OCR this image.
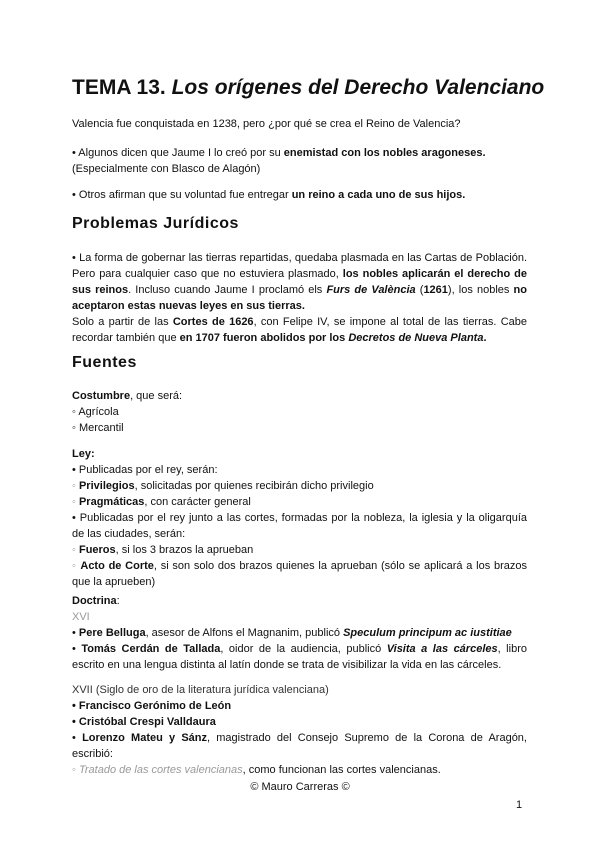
TEMA 13. Los orígenes del Derecho Valenciano

Valencia fue conquistada en 1238, pero ¿por qué se crea el Reino de Valencia?

• Algunos dicen que Jaume I lo creó por su enemistad con los nobles aragoneses.

(Especialmente con Blasco de Alagón)

• Otros afirman que su voluntad fue entregar un reino a cada uno de sus hijos.

Problemas Jurídicos

• La forma de gobernar las tierras repartidas, quedaba plasmada en las Cartas de Población. Pero para cualquier caso que no estuviera plasmado, los nobles aplicarán el derecho de sus reinos. Incluso cuando Jaume I proclamó els Furs de València (1261), los nobles no aceptaron estas nuevas leyes en sus tierras.

Solo a partir de las Cortes de 1626, con Felipe IV, se impone al total de las tierras. Cabe recordar también que en 1707 fueron abolidos por los Decretos de Nueva Planta.

Fuentes

Costumbre, que será:

◦ Agrícola

◦ Mercantil

Ley:

• Publicadas por el rey, serán:

◦ Privilegios, solicitadas por quienes recibirán dicho privilegio

◦ Pragmáticas, con carácter general

• Publicadas por el rey junto a las cortes, formadas por la nobleza, la iglesia y la oligarquía de las ciudades, serán:

◦ Fueros, si los 3 brazos la aprueban

◦ Acto de Corte, si son solo dos brazos quienes la aprueban (sólo se aplicará a los brazos que la aprueben)

Doctrina:

XVI

• Pere Belluga, asesor de Alfons el Magnanim, publicó Speculum principum ac iustitiae

• Tomás Cerdán de Tallada, oidor de la audiencia, publicó Visita a las cárceles, libro escrito en una lengua distinta al latín donde se trata de visibilizar la vida en las cárceles.

XVII (Siglo de oro de la literatura jurídica valenciana)

• Francisco Gerónimo de León

• Cristóbal Crespi Valldaura

• Lorenzo Mateu y Sánz, magistrado del Consejo Supremo de la Corona de Aragón, escribió:

◦ Tratado de las cortes valencianas, como funcionan las cortes valencianas.

© Mauro Carreras ©
1
